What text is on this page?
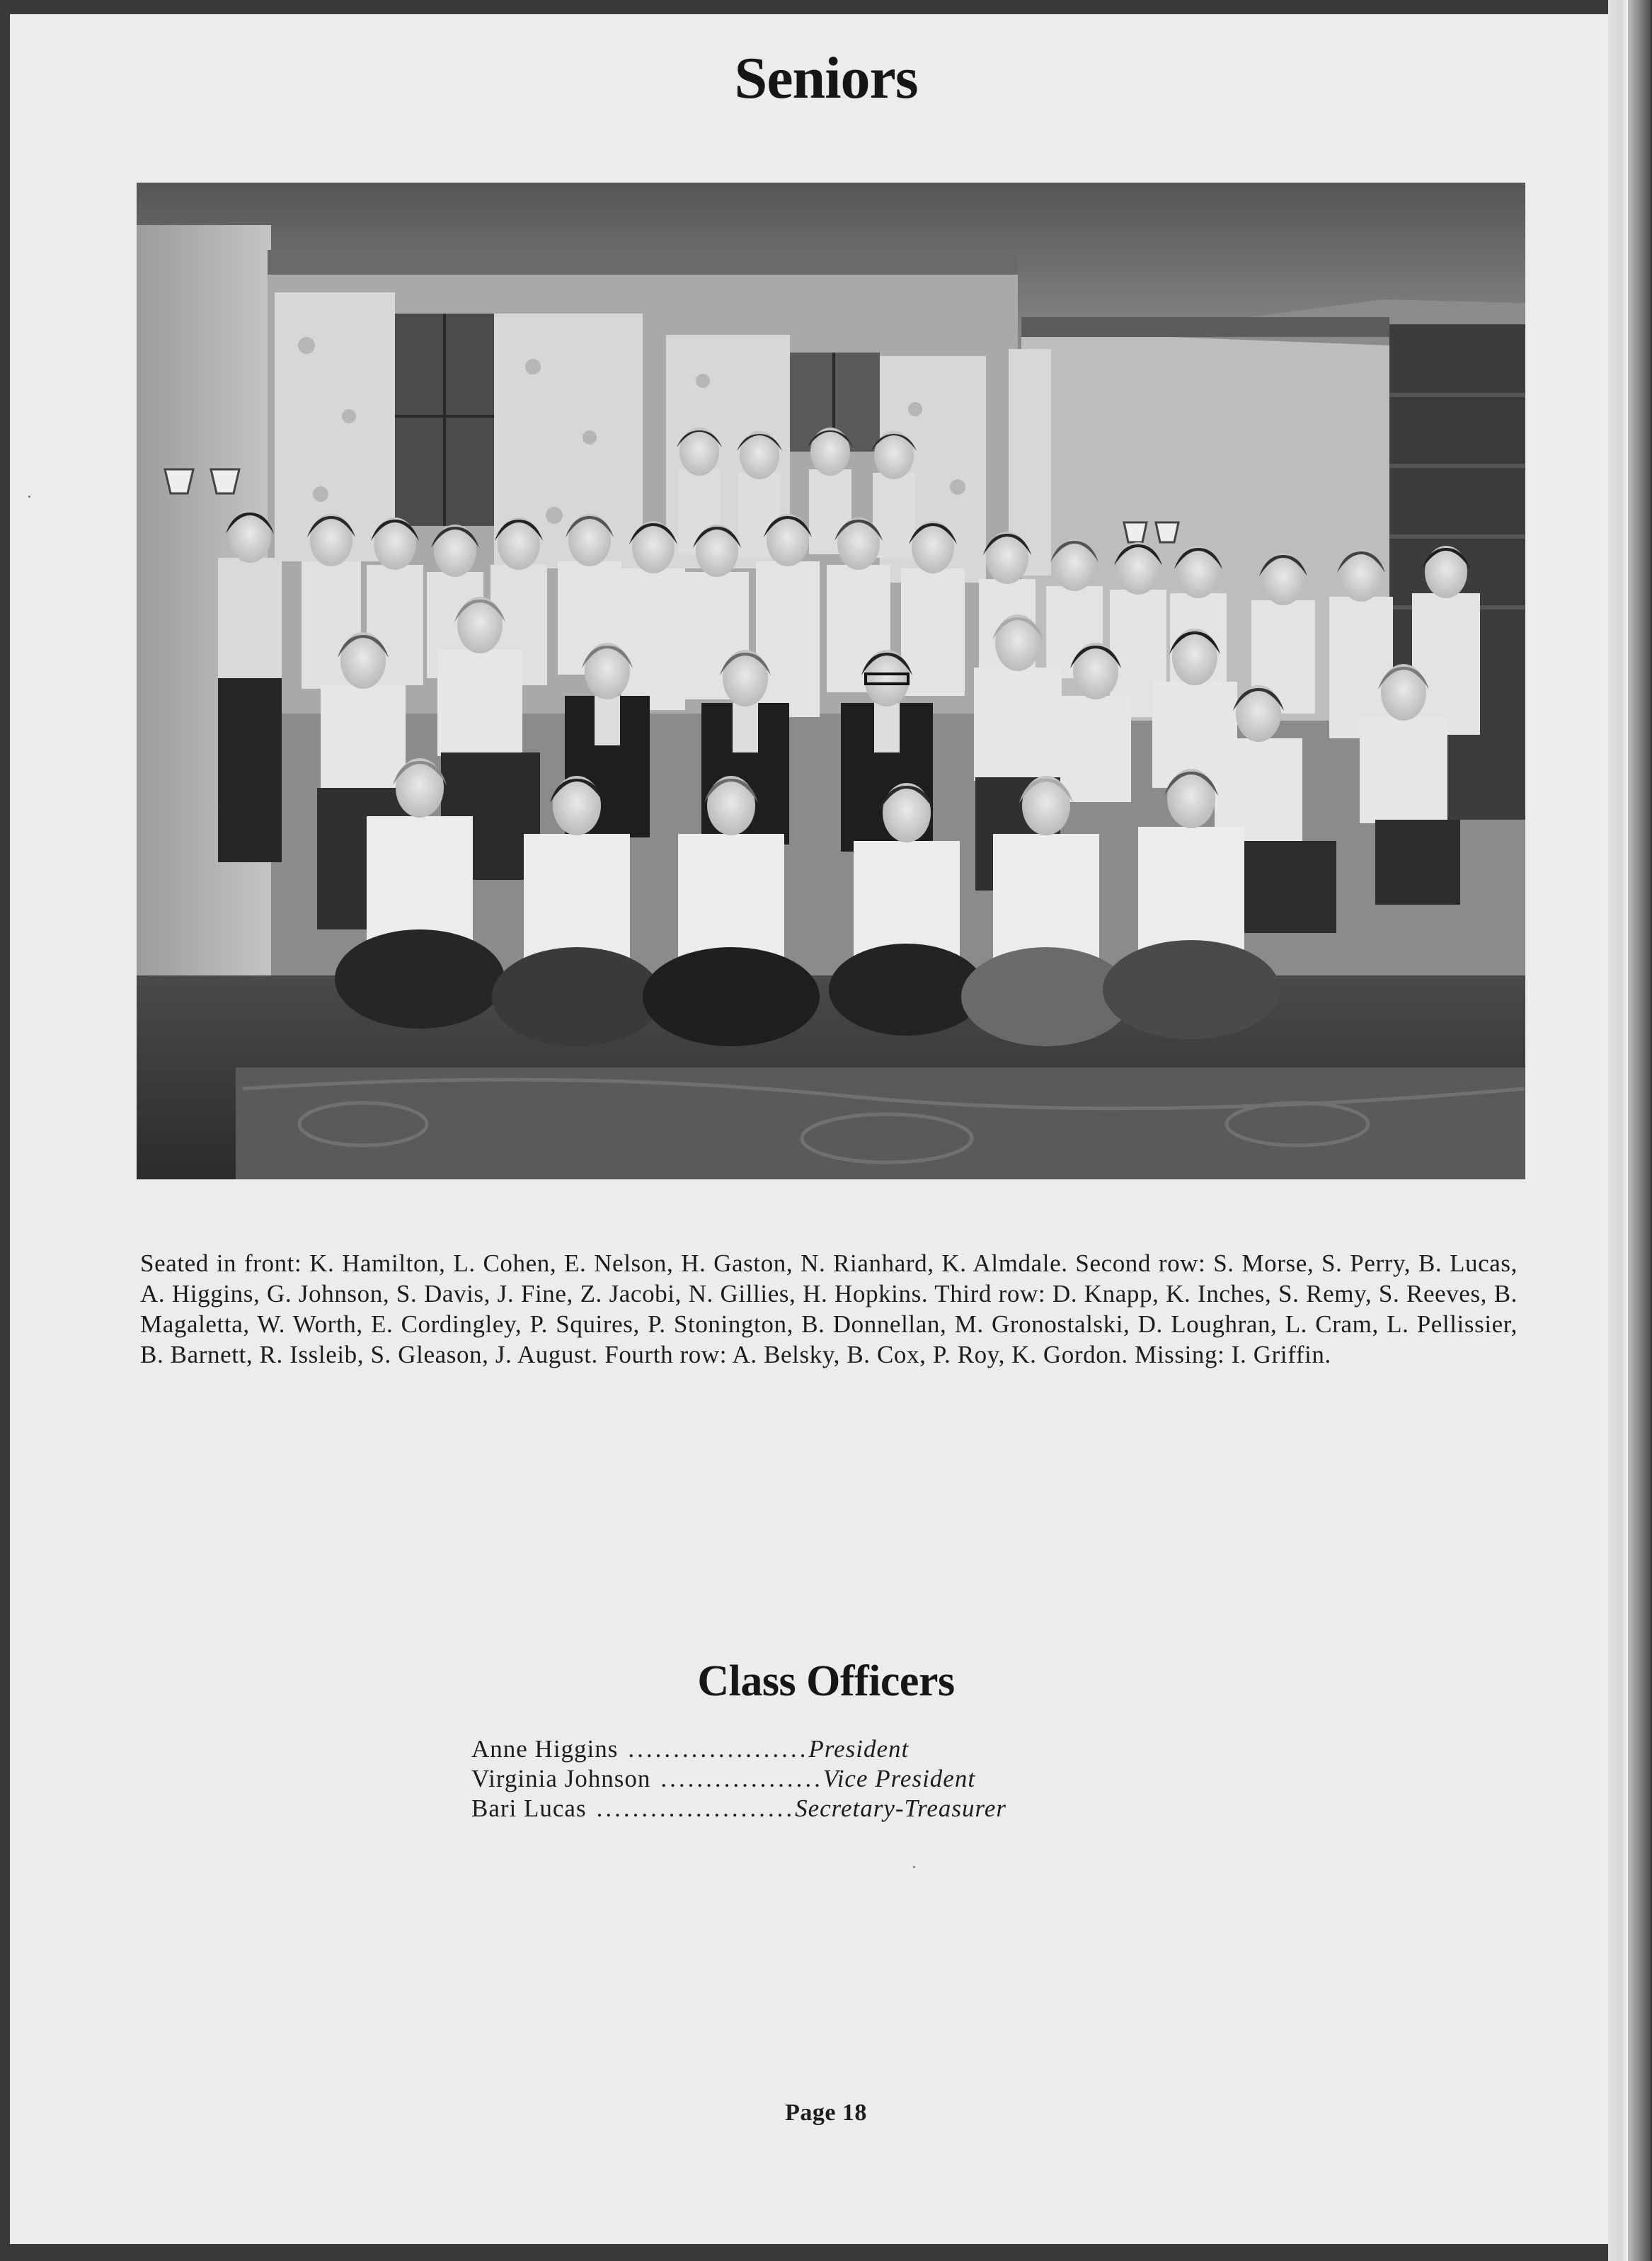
Seniors
Seated in front: K. Hamilton, L. Cohen, E. Nelson, H. Gaston, N. Rianhard, K. Almdale. Second row: S. Morse, S. Perry, B. Lucas, A. Higgins, G. Johnson, S. Davis, J. Fine, Z. Jacobi, N. Gillies, H. Hopkins. Third row: D. Knapp, K. Inches, S. Remy, S. Reeves, B. Magaletta, W. Worth, E. Cordingley, P. Squires, P. Stonington, B. Donnellan, M. Gronostalski, D. Loughran, L. Cram, L. Pellissier, B. Barnett, R. Issleib, S. Gleason, J. August. Fourth row: A. Belsky, B. Cox, P. Roy, K. Gordon. Missing: I. Griffin.
Class Officers
Anne Higgins .................... President
Virginia Johnson .................. Vice President
Bari Lucas ...................... Secretary-Treasurer
Page 18
